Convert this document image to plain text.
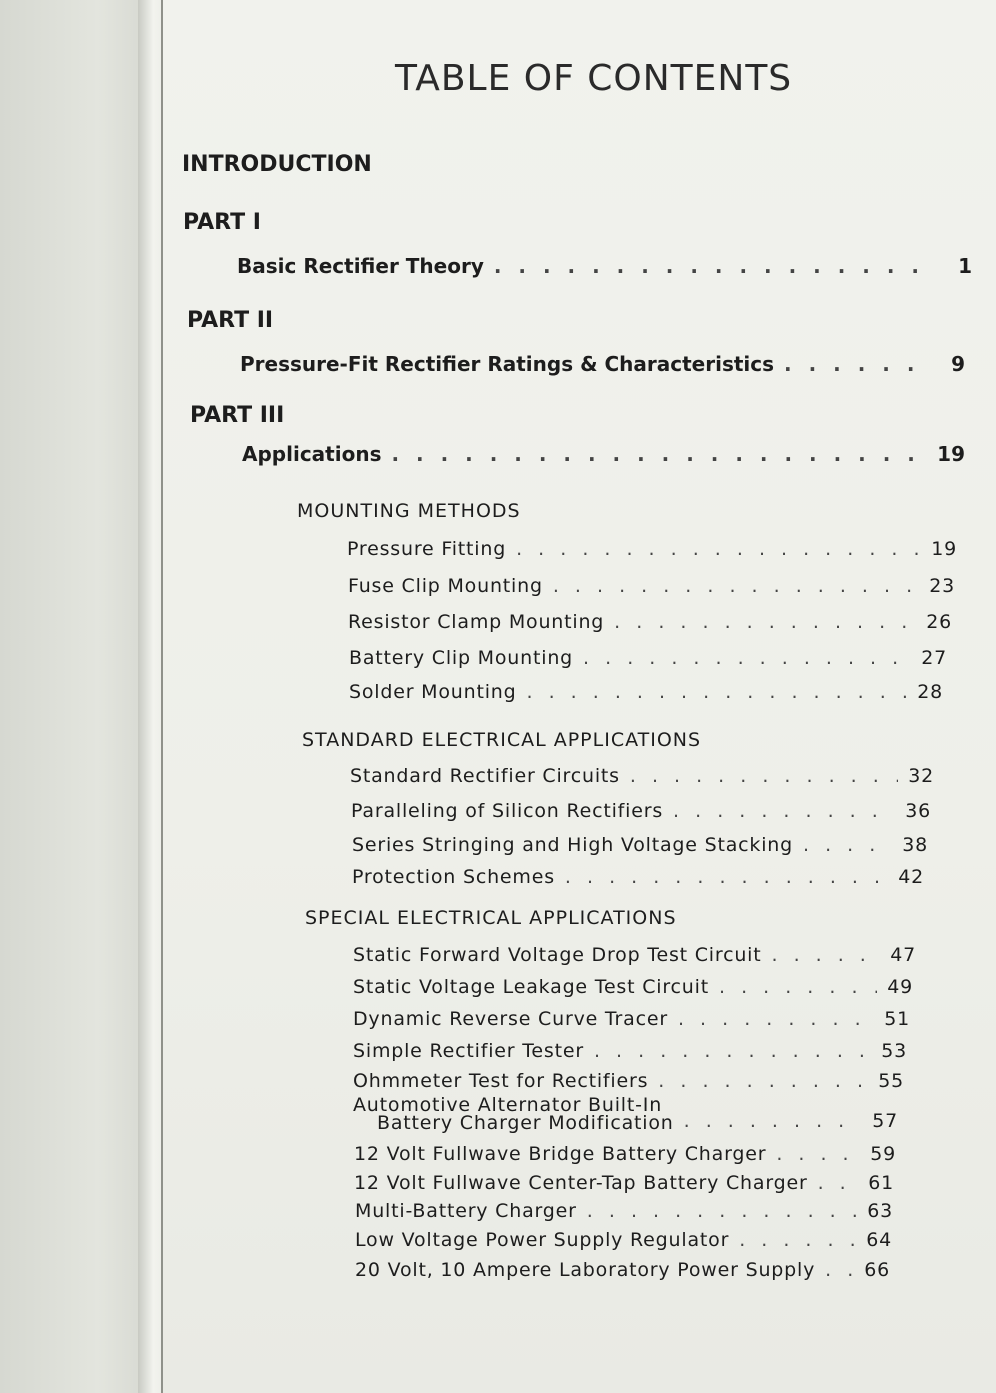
TABLE OF CONTENTS
INTRODUCTION
PART I
Basic Rectifier Theory . . .	1
PART II
Pressure-Fit Rectifier Ratings & Characteristics . . .	9
PART III
Applications . . .	19
MOUNTING METHODS
Pressure Fitting . . .	19
Fuse Clip Mounting . . .	23
Resistor Clamp Mounting . . .	26
Battery Clip Mounting . . .	27
Solder Mounting . . .	28
STANDARD ELECTRICAL APPLICATIONS
Standard Rectifier Circuits . . .	32
Paralleling of Silicon Rectifiers . . .	36
Series Stringing and High Voltage Stacking . . .	38
Protection Schemes . . .	42
SPECIAL ELECTRICAL APPLICATIONS
Static Forward Voltage Drop Test Circuit . . .	47
Static Voltage Leakage Test Circuit . . .	49
Dynamic Reverse Curve Tracer . . .	51
Simple Rectifier Tester . . .	53
Ohmmeter Test for Rectifiers . . .	55
Automotive Alternator Built-In
Battery Charger Modification . . .	57
12 Volt Fullwave Bridge Battery Charger . . .	59
12 Volt Fullwave Center-Tap Battery Charger . . .	61
Multi-Battery Charger . . .	63
Low Voltage Power Supply Regulator . . .	64
20 Volt, 10 Ampere Laboratory Power Supply . . .	66
